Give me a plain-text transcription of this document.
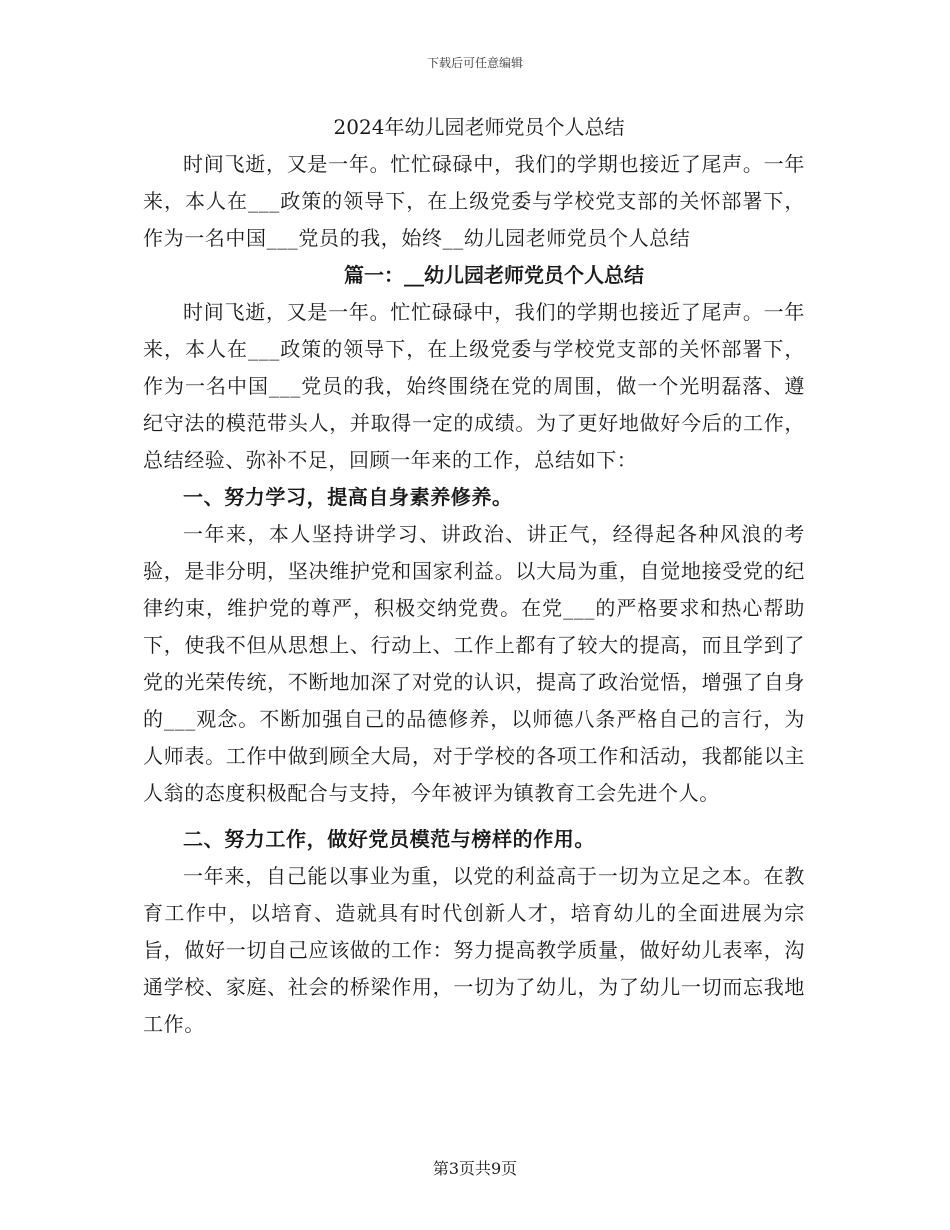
下载后可任意编辑
2024年幼儿园老师党员个人总结

时间飞逝，又是一年。忙忙碌碌中，我们的学期也接近了尾声。一年来，本人在___政策的领导下，在上级党委与学校党支部的关怀部署下，作为一名中国___党员的我，始终__幼儿园老师党员个人总结

篇一：__幼儿园老师党员个人总结

时间飞逝，又是一年。忙忙碌碌中，我们的学期也接近了尾声。一年来，本人在___政策的领导下，在上级党委与学校党支部的关怀部署下，作为一名中国___党员的我，始终围绕在党的周围，做一个光明磊落、遵纪守法的模范带头人，并取得一定的成绩。为了更好地做好今后的工作，总结经验、弥补不足，回顾一年来的工作，总结如下：

一、努力学习，提高自身素养修养。

一年来，本人坚持讲学习、讲政治、讲正气，经得起各种风浪的考验，是非分明，坚决维护党和国家利益。以大局为重，自觉地接受党的纪律约束，维护党的尊严，积极交纳党费。在党___的严格要求和热心帮助下，使我不但从思想上、行动上、工作上都有了较大的提高，而且学到了党的光荣传统，不断地加深了对党的认识，提高了政治觉悟，增强了自身的___观念。不断加强自己的品德修养，以师德八条严格自己的言行，为人师表。工作中做到顾全大局，对于学校的各项工作和活动，我都能以主人翁的态度积极配合与支持，今年被评为镇教育工会先进个人。

二、努力工作，做好党员模范与榜样的作用。

一年来，自己能以事业为重，以党的利益高于一切为立足之本。在教育工作中，以培育、造就具有时代创新人才，培育幼儿的全面进展为宗旨，做好一切自己应该做的工作：努力提高教学质量，做好幼儿表率，沟通学校、家庭、社会的桥梁作用，一切为了幼儿，为了幼儿一切而忘我地工作。

第3页共9页
